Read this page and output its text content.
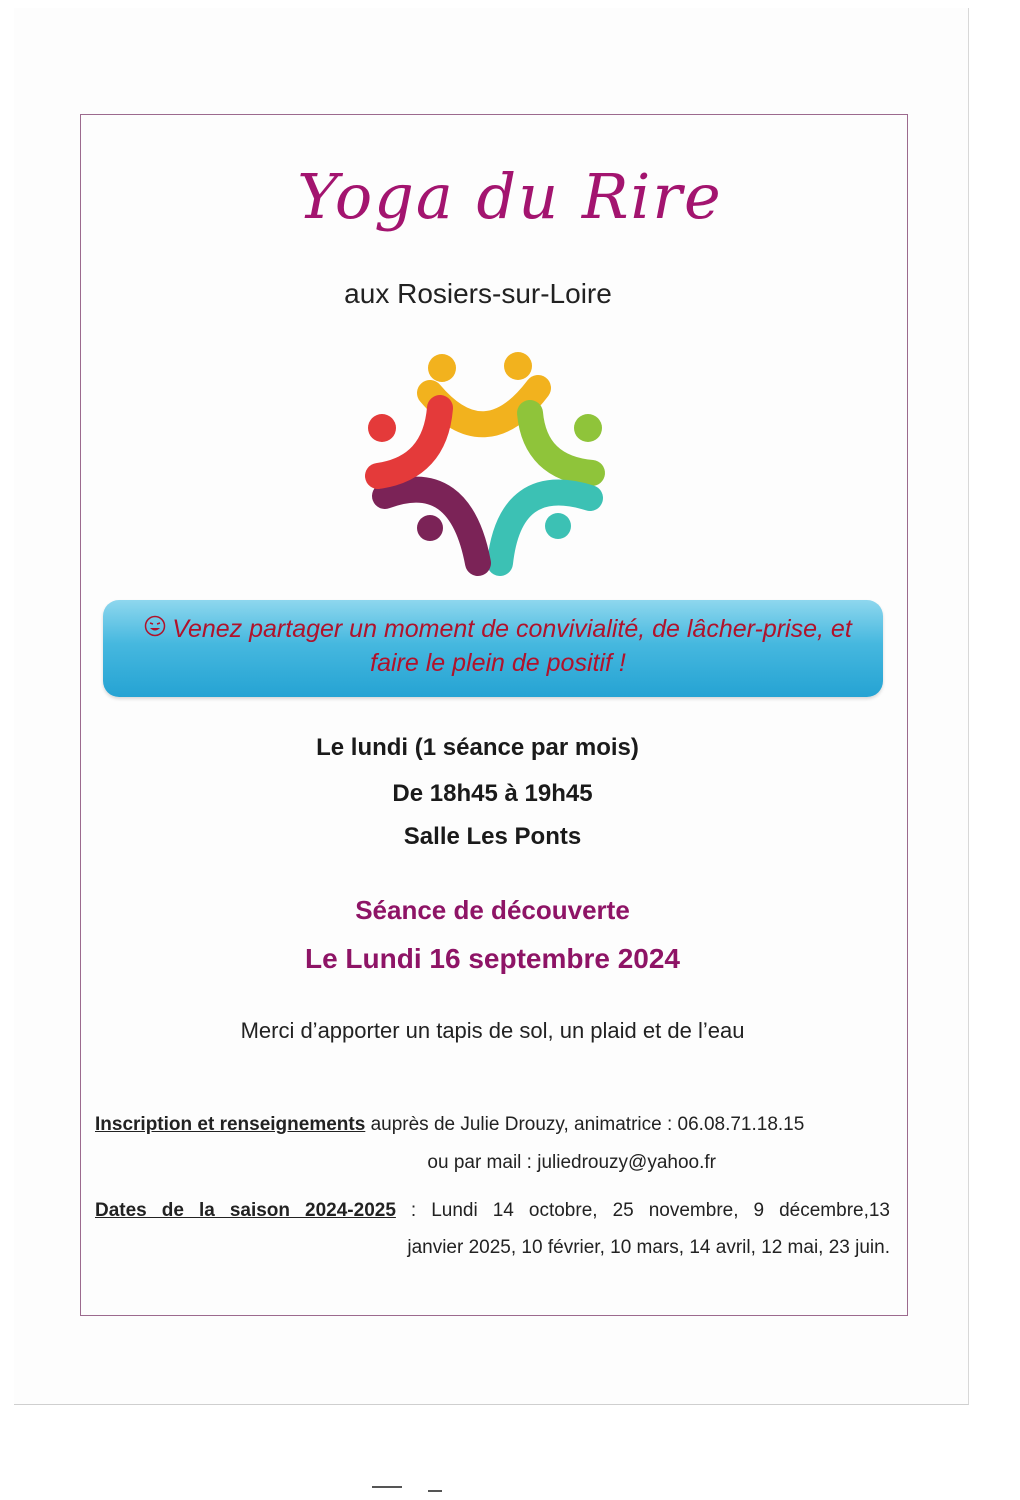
Yoga du Rire
aux Rosiers-sur-Loire
Venez partager un moment de convivialité, de lâcher-prise, et faire le plein de positif !
Le lundi (1 séance par mois)
De 18h45 à 19h45
Salle Les Ponts
Séance de découverte
Le Lundi 16 septembre 2024
Merci d’apporter un tapis de sol, un plaid et de l’eau
Inscription et renseignements auprès de Julie Drouzy, animatrice : 06.08.71.18.15
ou par mail : juliedrouzy@yahoo.fr
Dates de la saison 2024-2025 : Lundi 14 octobre, 25 novembre, 9 décembre,13
janvier 2025, 10 février, 10 mars, 14 avril, 12 mai, 23 juin.
